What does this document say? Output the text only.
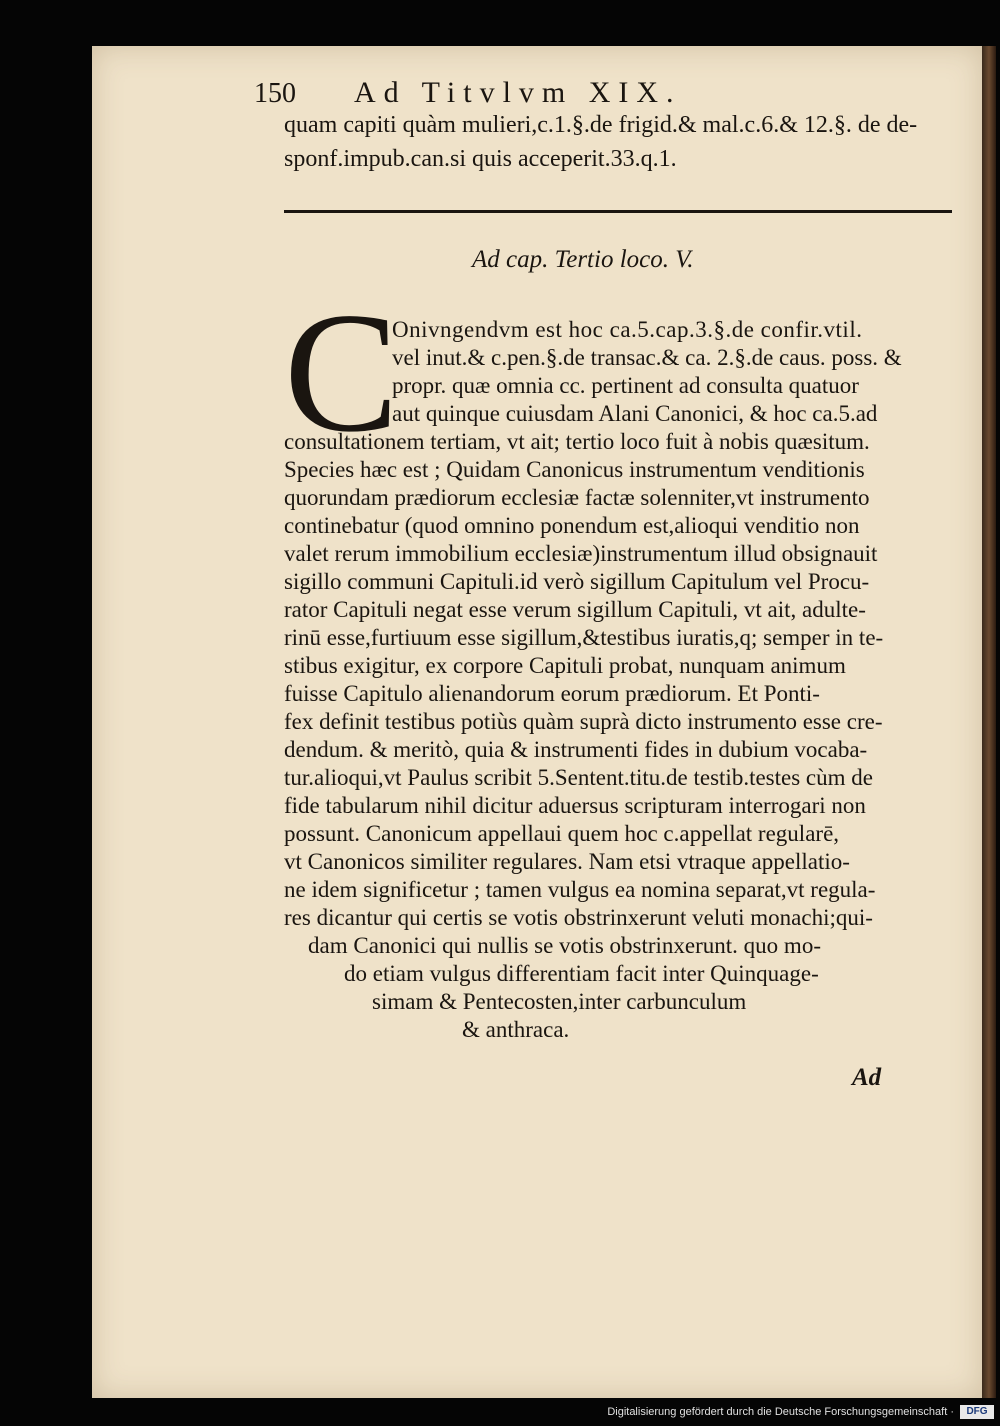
150 Ad Titvlvm XIX.
quam capiti quàm mulieri,c.1.§.de frigid.& mal.c.6.& 12.§. de de-
sponf.impub.can.si quis acceperit.33.q.1.
Ad cap. Tertio loco. V.
C
Onivngendvm est hoc ca.5.cap.3.§.de confir.vtil.
vel inut.& c.pen.§.de transac.& ca. 2.§.de caus. poss. &
propr. quæ omnia cc. pertinent ad consulta quatuor
aut quinque cuiusdam Alani Canonici, & hoc ca.5.ad
consultationem tertiam, vt ait; tertio loco fuit à nobis quæsitum.
Species hæc est ; Quidam Canonicus instrumentum venditionis
quorundam prædiorum ecclesiæ factæ solenniter,vt instrumento
continebatur (quod omnino ponendum est,alioqui venditio non
valet rerum immobilium ecclesiæ)instrumentum illud obsignauit
sigillo communi Capituli.id verò sigillum Capitulum vel Procu-
rator Capituli negat esse verum sigillum Capituli, vt ait, adulte-
rinū esse,furtiuum esse sigillum,&testibus iuratis,q; semper in te-
stibus exigitur, ex corpore Capituli probat, nunquam animum
fuisse Capitulo alienandorum eorum prædiorum. Et Ponti-
fex definit testibus potiùs quàm suprà dicto instrumento esse cre-
dendum. & meritò, quia & instrumenti fides in dubium vocaba-
tur.alioqui,vt Paulus scribit 5.Sentent.titu.de testib.testes cùm de
fide tabularum nihil dicitur aduersus scripturam interrogari non
possunt. Canonicum appellaui quem hoc c.appellat regularē,
vt Canonicos similiter regulares. Nam etsi vtraque appellatio-
ne idem significetur ; tamen vulgus ea nomina separat,vt regula-
res dicantur qui certis se votis obstrinxerunt veluti monachi;qui-
dam Canonici qui nullis se votis obstrinxerunt. quo mo-
do etiam vulgus differentiam facit inter Quinquage-
simam & Pentecosten,inter carbunculum
& anthraca.
Ad
Digitalisierung gefördert durch die Deutsche Forschungsgemeinschaft ·	DFG
